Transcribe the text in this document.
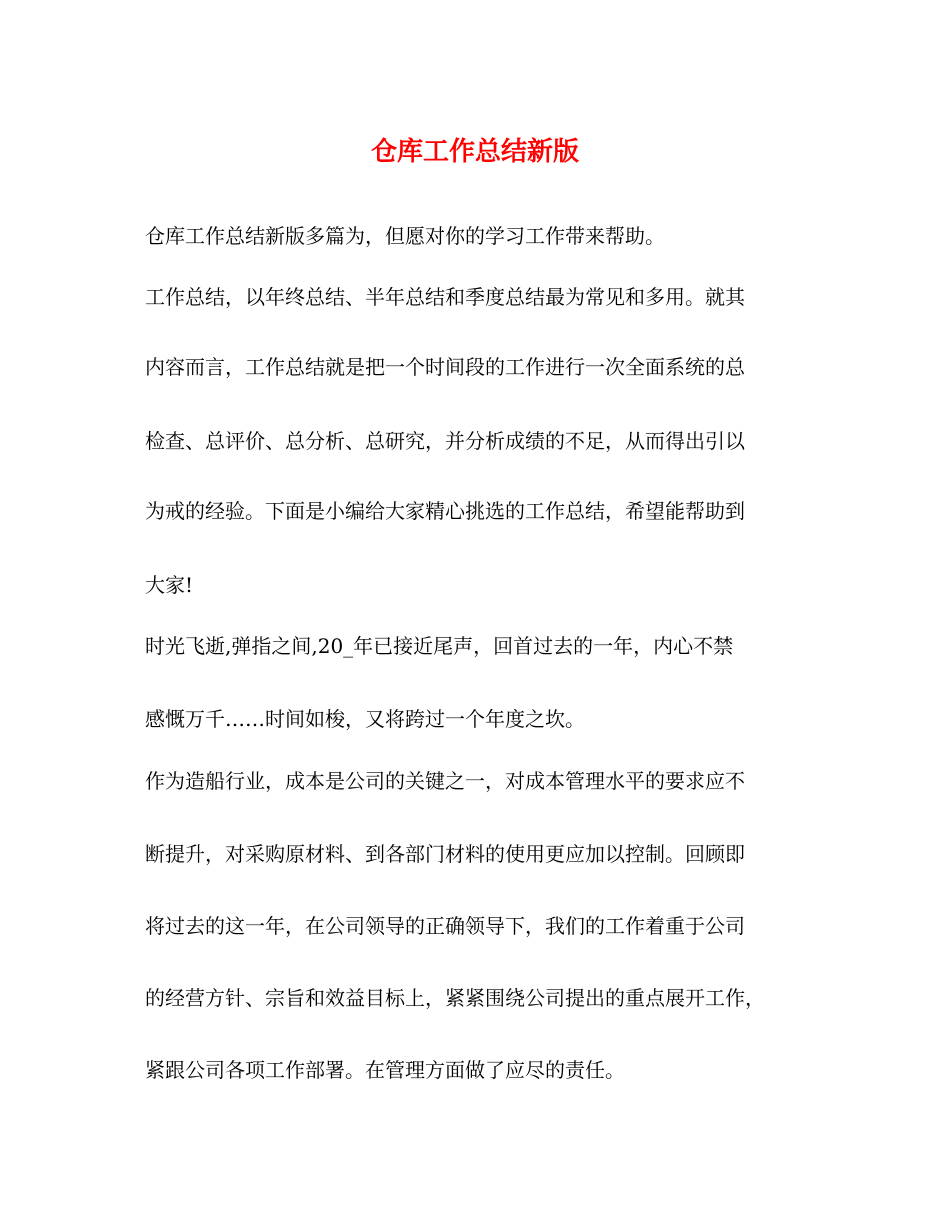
仓库工作总结新版
仓库工作总结新版多篇为，但愿对你的学习工作带来帮助。
工作总结，以年终总结、半年总结和季度总结最为常见和多用。就其
内容而言，工作总结就是把一个时间段的工作进行一次全面系统的总
检查、总评价、总分析、总研究，并分析成绩的不足，从而得出引以
为戒的经验。下面是小编给大家精心挑选的工作总结，希望能帮助到
大家!
时光飞逝,弹指之间,20_年已接近尾声，回首过去的一年，内心不禁
感慨万千……时间如梭，又将跨过一个年度之坎。
作为造船行业，成本是公司的关键之一，对成本管理水平的要求应不
断提升，对采购原材料、到各部门材料的使用更应加以控制。回顾即
将过去的这一年，在公司领导的正确领导下，我们的工作着重于公司
的经营方针、宗旨和效益目标上，紧紧围绕公司提出的重点展开工作，
紧跟公司各项工作部署。在管理方面做了应尽的责任。
